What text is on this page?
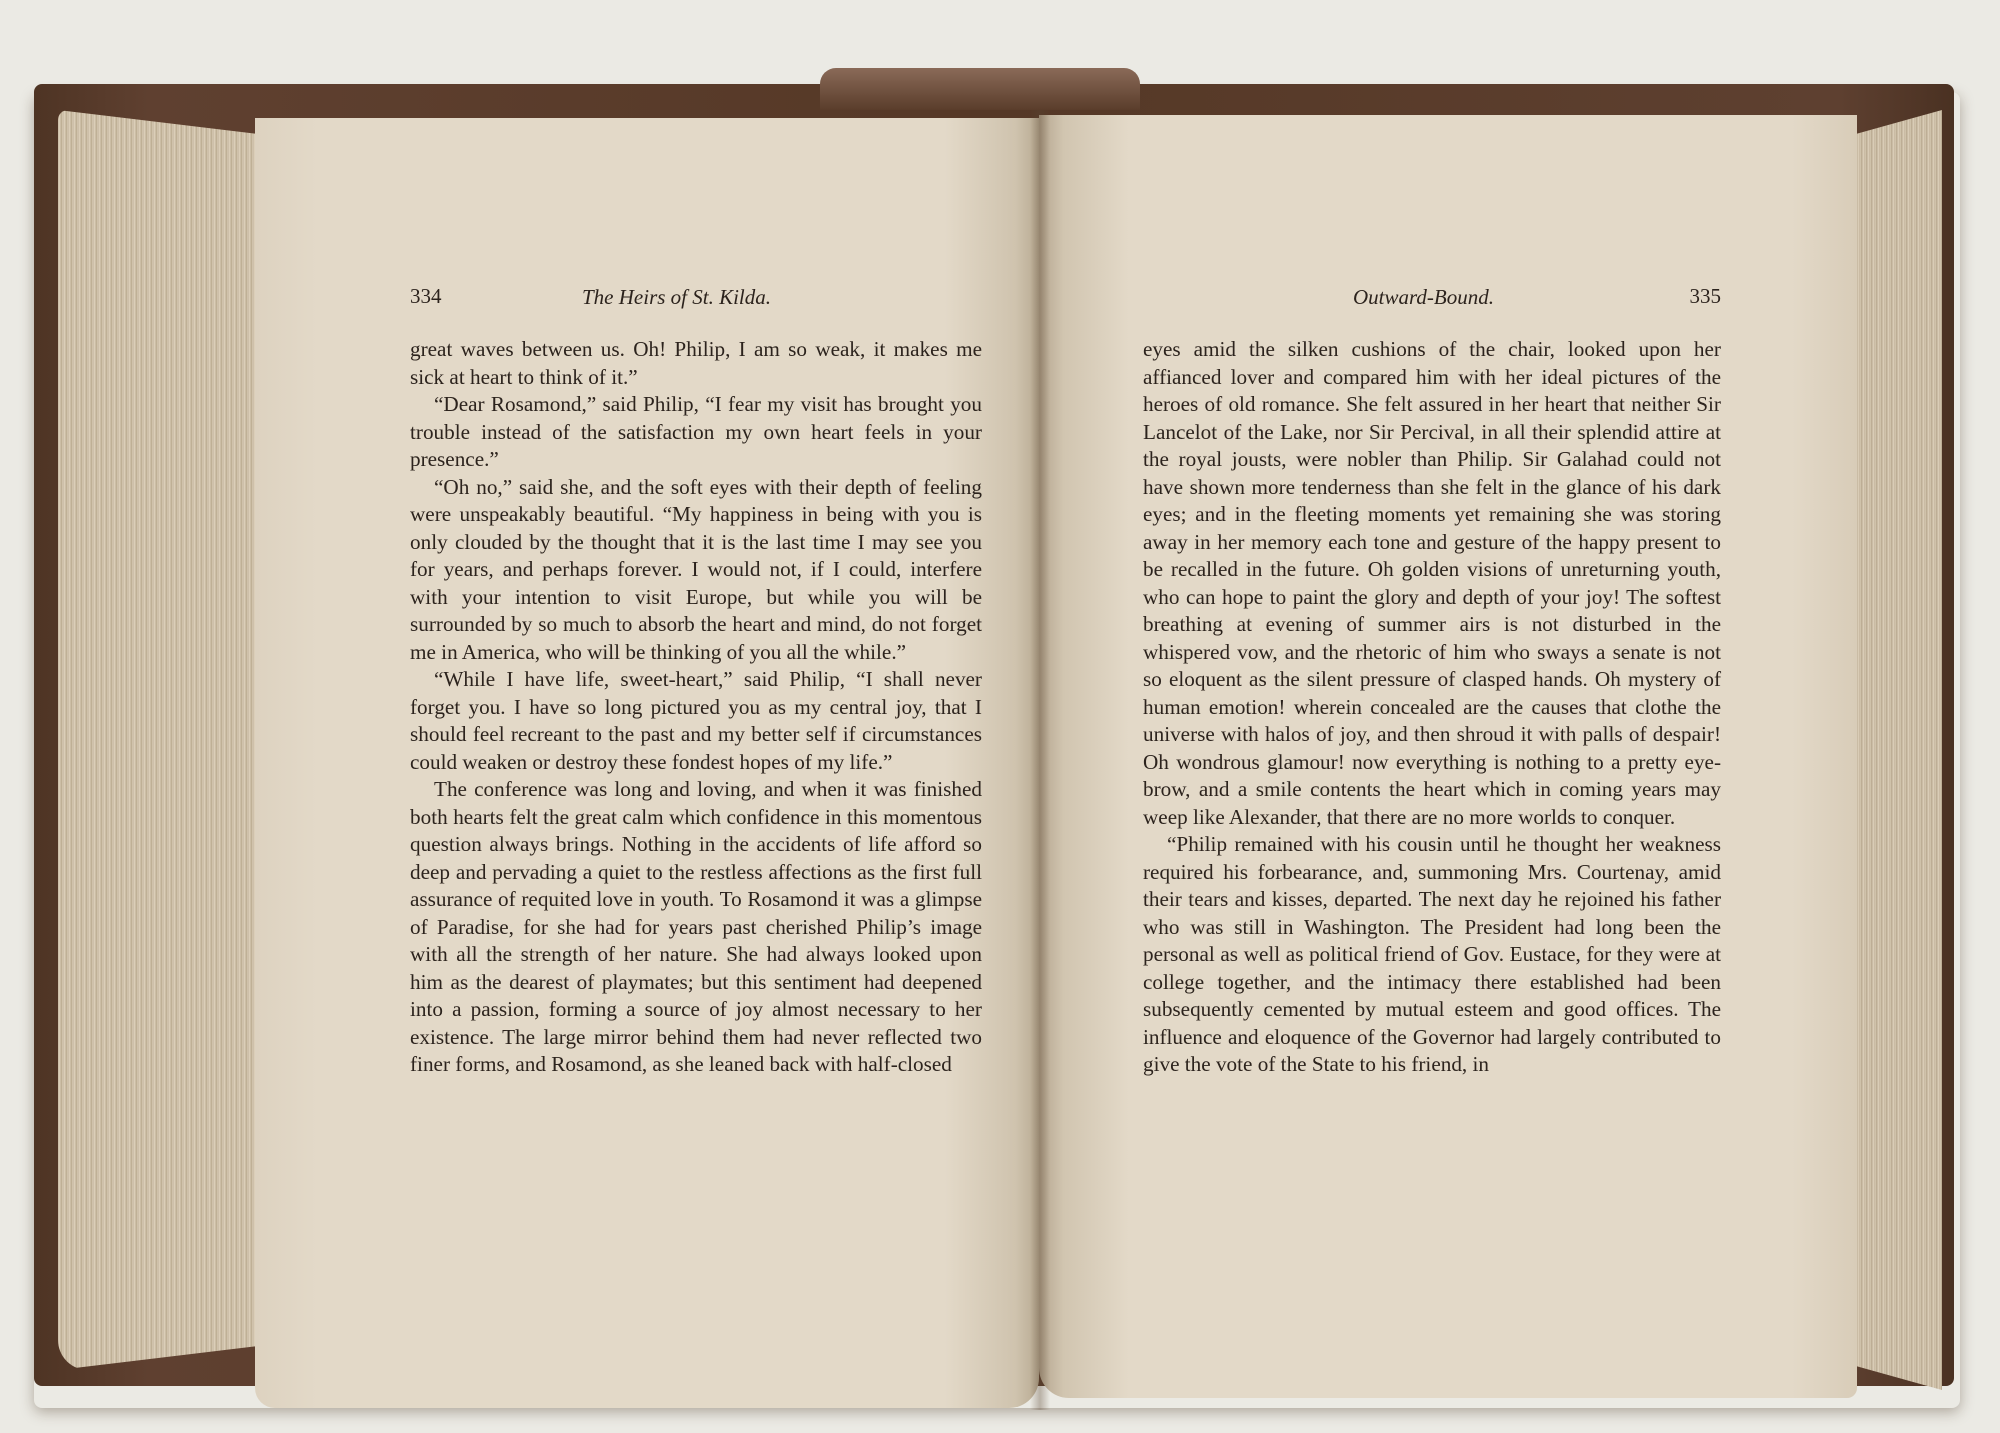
334	The Heirs of St. Kilda.

great waves between us. Oh! Philip, I am so weak, it makes me sick at heart to think of it.”

“Dear Rosamond,” said Philip, “I fear my visit has brought you trouble instead of the satisfaction my own heart feels in your presence.”

“Oh no,” said she, and the soft eyes with their depth of feeling were unspeakably beautiful. “My happiness in being with you is only clouded by the thought that it is the last time I may see you for years, and perhaps forever. I would not, if I could, interfere with your intention to visit Europe, but while you will be surrounded by so much to absorb the heart and mind, do not forget me in America, who will be thinking of you all the while.”

“While I have life, sweet-heart,” said Philip, “I shall never forget you. I have so long pictured you as my central joy, that I should feel recreant to the past and my better self if circumstances could weaken or destroy these fondest hopes of my life.”

The conference was long and loving, and when it was finished both hearts felt the great calm which confidence in this momentous question always brings. Nothing in the accidents of life afford so deep and pervading a quiet to the restless affections as the first full assurance of requited love in youth. To Rosamond it was a glimpse of Paradise, for she had for years past cherished Philip’s image with all the strength of her nature. She had always looked upon him as the dearest of playmates; but this sentiment had deepened into a passion, forming a source of joy almost necessary to her existence. The large mirror behind them had never reflected two finer forms, and Rosamond, as she leaned back with half-closed

Outward-Bound.	335

eyes amid the silken cushions of the chair, looked upon her affianced lover and compared him with her ideal pictures of the heroes of old romance. She felt assured in her heart that neither Sir Lancelot of the Lake, nor Sir Percival, in all their splendid attire at the royal jousts, were nobler than Philip. Sir Galahad could not have shown more tenderness than she felt in the glance of his dark eyes; and in the fleeting moments yet remaining she was storing away in her memory each tone and gesture of the happy present to be recalled in the future. Oh golden visions of unreturning youth, who can hope to paint the glory and depth of your joy! The softest breathing at evening of summer airs is not disturbed in the whispered vow, and the rhetoric of him who sways a senate is not so eloquent as the silent pressure of clasped hands. Oh mystery of human emotion! wherein concealed are the causes that clothe the universe with halos of joy, and then shroud it with palls of despair! Oh wondrous glamour! now everything is nothing to a pretty eye-brow, and a smile contents the heart which in coming years may weep like Alexander, that there are no more worlds to conquer.

“Philip remained with his cousin until he thought her weakness required his forbearance, and, summoning Mrs. Courtenay, amid their tears and kisses, departed. The next day he rejoined his father who was still in Washington. The President had long been the personal as well as political friend of Gov. Eustace, for they were at college together, and the intimacy there established had been subsequently cemented by mutual esteem and good offices. The influence and eloquence of the Governor had largely contributed to give the vote of the State to his friend, in
